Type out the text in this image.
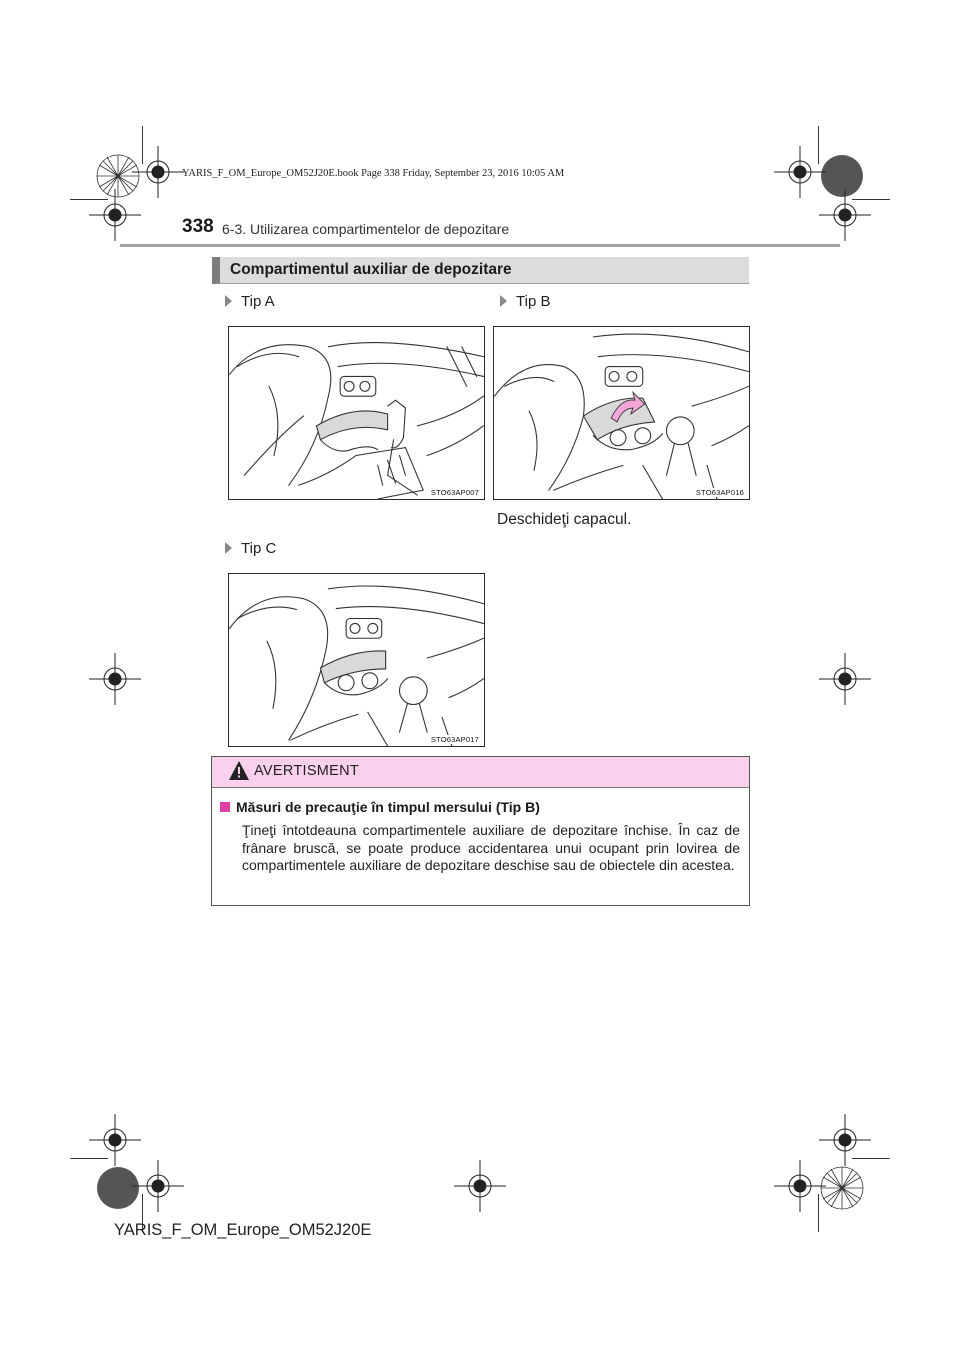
YARIS_F_OM_Europe_OM52J20E.book Page 338 Friday, September 23, 2016 10:05 AM
338 6-3. Utilizarea compartimentelor de depozitare
Compartimentul auxiliar de depozitare
Tip A	Tip B
Tip C
STO63AP007	STO63AP016
STO63AP017
Deschideţi capacul.
AVERTISMENT
Măsuri de precauţie în timpul mersului (Tip B)
Ţineţi întotdeauna compartimentele auxiliare de depozitare închise. În caz de frânare bruscă, se poate produce accidentarea unui ocupant prin lovirea de compartimentele auxiliare de depozitare deschise sau de obiectele din acestea.
YARIS_F_OM_Europe_OM52J20E
